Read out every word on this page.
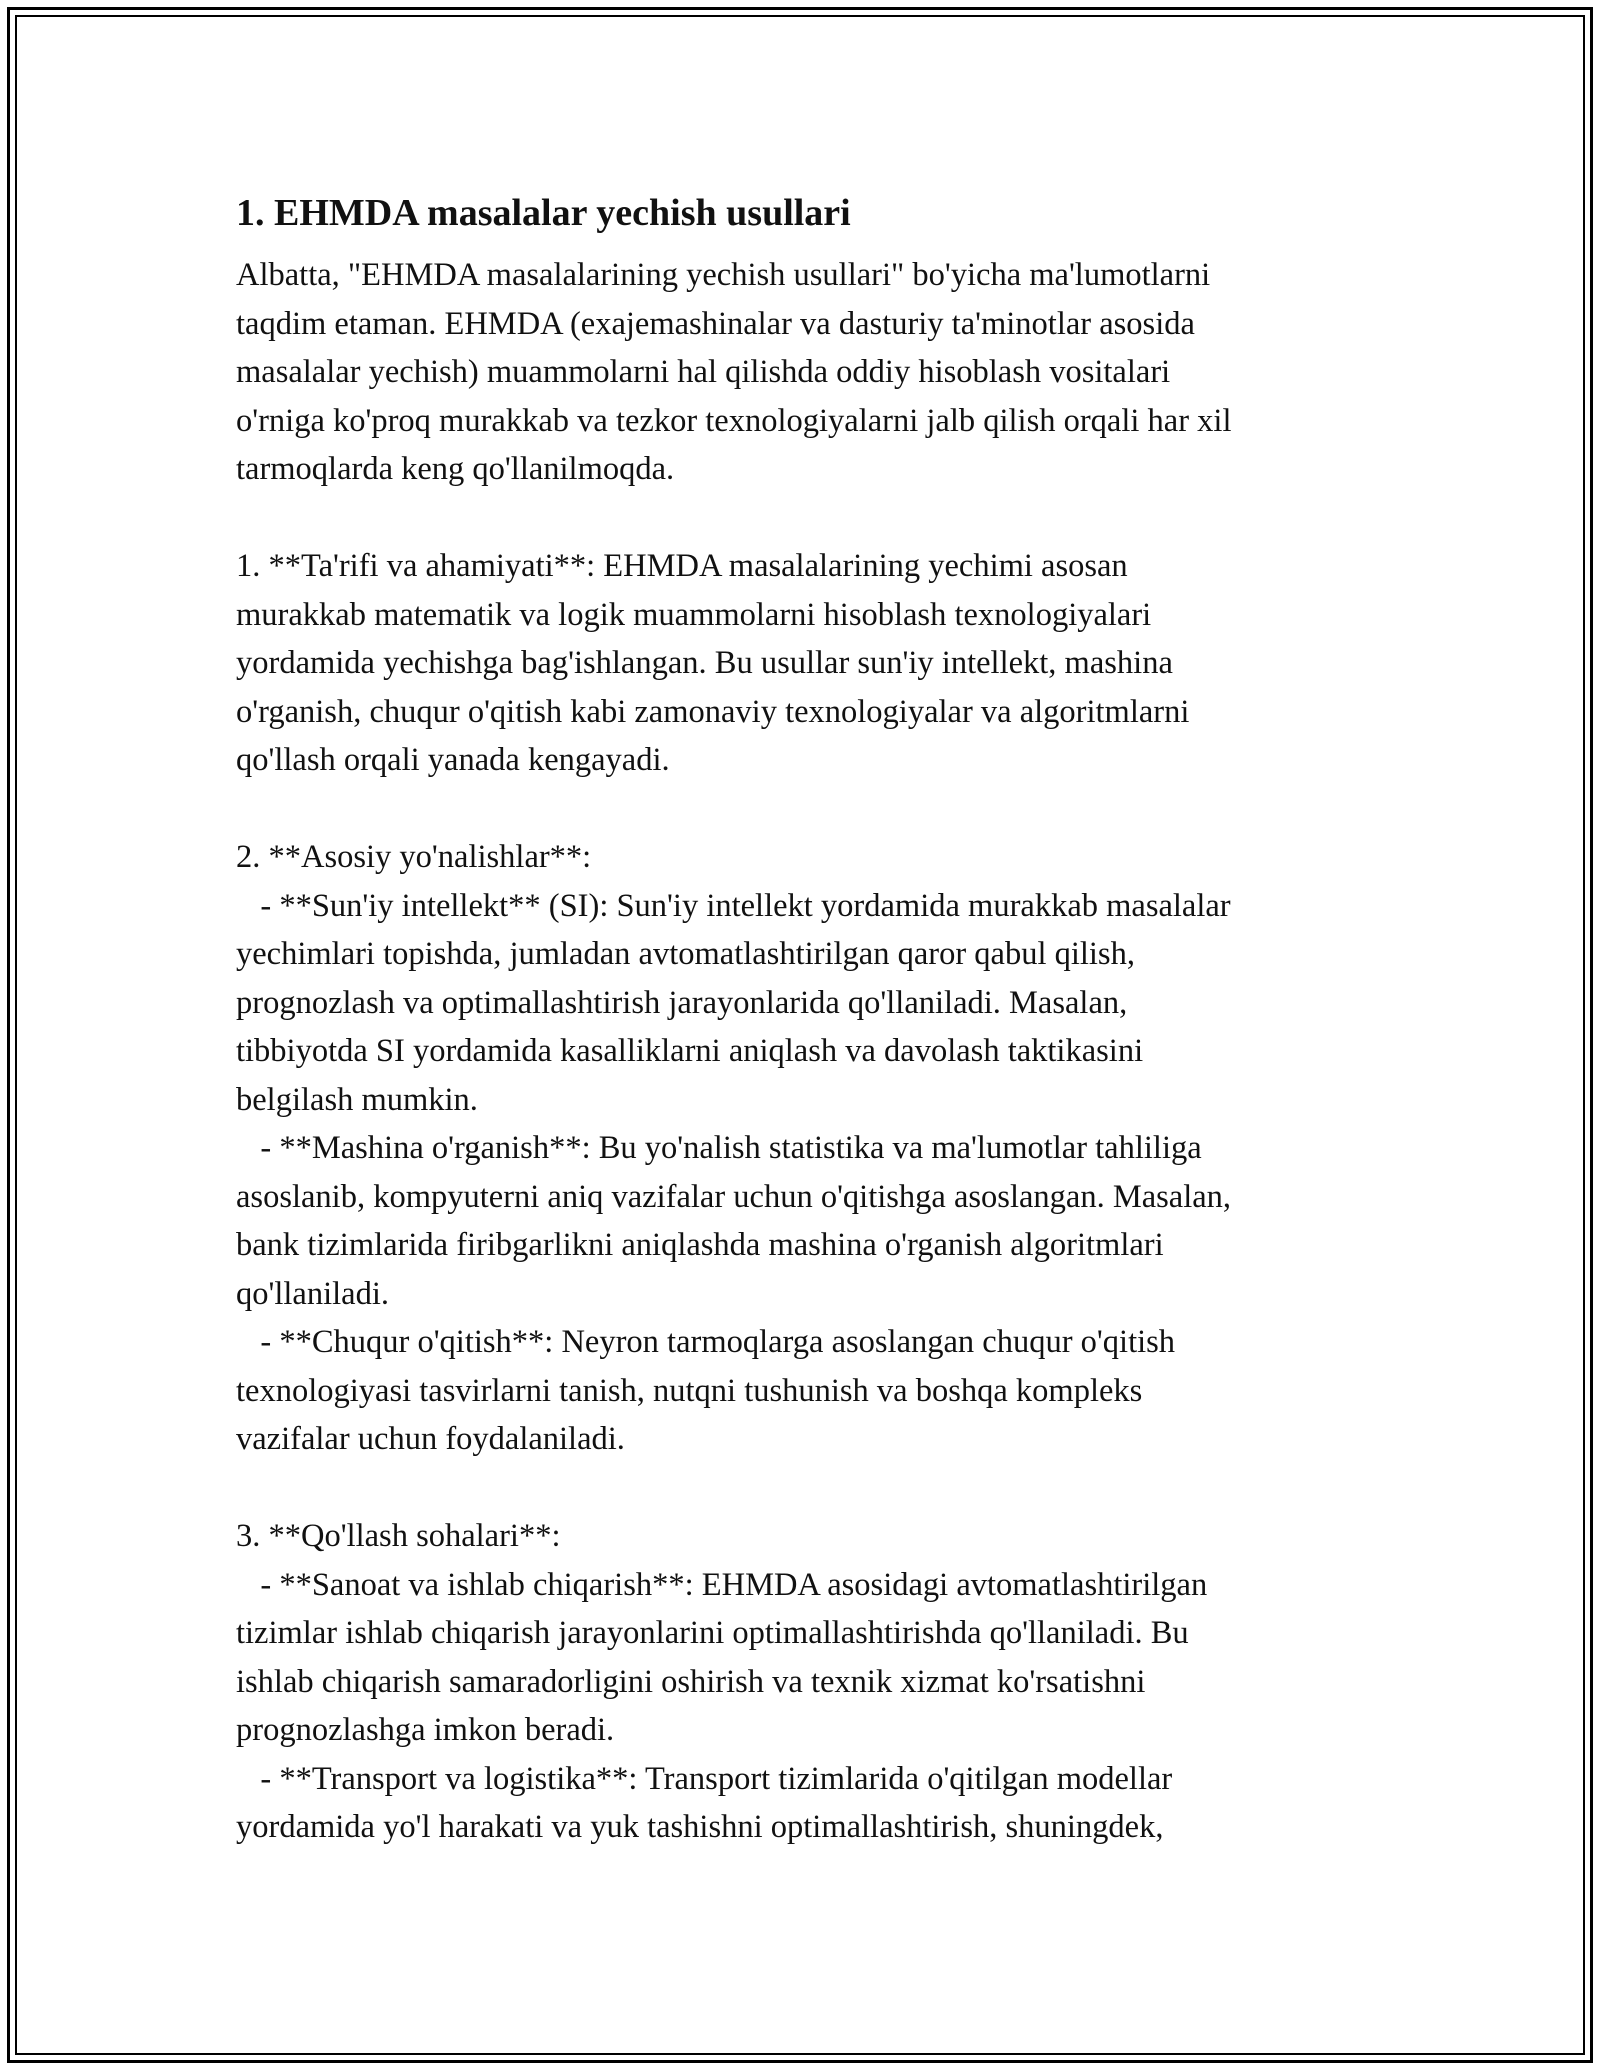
1. EHMDA masalalar yechish usullari

Albatta, "EHMDA masalalarining yechish usullari" bo'yicha ma'lumotlarni
taqdim etaman. EHMDA (exajemashinalar va dasturiy ta'minotlar asosida
masalalar yechish) muammolarni hal qilishda oddiy hisoblash vositalari
o'rniga ko'proq murakkab va tezkor texnologiyalarni jalb qilish orqali har xil
tarmoqlarda keng qo'llanilmoqda.

1. **Ta'rifi va ahamiyati**: EHMDA masalalarining yechimi asosan
murakkab matematik va logik muammolarni hisoblash texnologiyalari
yordamida yechishga bag'ishlangan. Bu usullar sun'iy intellekt, mashina
o'rganish, chuqur o'qitish kabi zamonaviy texnologiyalar va algoritmlarni
qo'llash orqali yanada kengayadi.

2. **Asosiy yo'nalishlar**:
- **Sun'iy intellekt** (SI): Sun'iy intellekt yordamida murakkab masalalar
yechimlari topishda, jumladan avtomatlashtirilgan qaror qabul qilish,
prognozlash va optimallashtirish jarayonlarida qo'llaniladi. Masalan,
tibbiyotda SI yordamida kasalliklarni aniqlash va davolash taktikasini
belgilash mumkin.
- **Mashina o'rganish**: Bu yo'nalish statistika va ma'lumotlar tahliliga
asoslanib, kompyuterni aniq vazifalar uchun o'qitishga asoslangan. Masalan,
bank tizimlarida firibgarlikni aniqlashda mashina o'rganish algoritmlari
qo'llaniladi.
- **Chuqur o'qitish**: Neyron tarmoqlarga asoslangan chuqur o'qitish
texnologiyasi tasvirlarni tanish, nutqni tushunish va boshqa kompleks
vazifalar uchun foydalaniladi.

3. **Qo'llash sohalari**:
- **Sanoat va ishlab chiqarish**: EHMDA asosidagi avtomatlashtirilgan
tizimlar ishlab chiqarish jarayonlarini optimallashtirishda qo'llaniladi. Bu
ishlab chiqarish samaradorligini oshirish va texnik xizmat ko'rsatishni
prognozlashga imkon beradi.
- **Transport va logistika**: Transport tizimlarida o'qitilgan modellar
yordamida yo'l harakati va yuk tashishni optimallashtirish, shuningdek,
